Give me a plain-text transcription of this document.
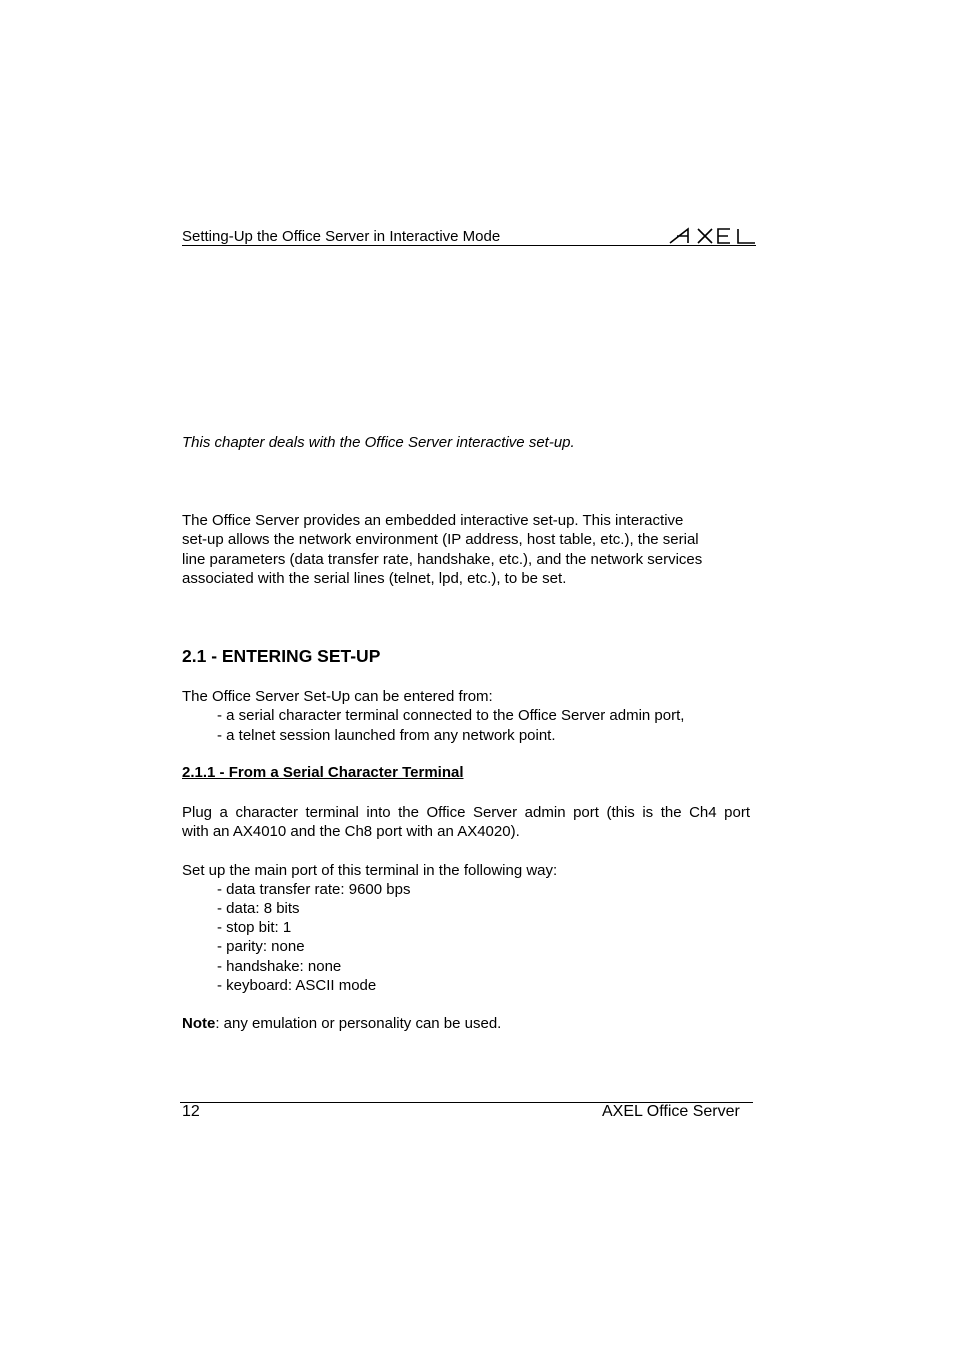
Setting-Up the Office Server in Interactive Mode
This chapter deals with the Office Server interactive set-up.
The Office Server provides an embedded interactive set-up. This interactive
set-up allows the network environment (IP address, host table, etc.), the serial
line parameters (data transfer rate, handshake, etc.), and the network services
associated with the serial lines (telnet, lpd, etc.), to be set.
2.1 - ENTERING SET-UP
The Office Server Set-Up can be entered from:
- a serial character terminal connected to the Office Server admin port,
- a telnet session launched from any network point.
2.1.1 - From a Serial Character Terminal
Plug a character terminal into the Office Server admin port (this is the Ch4 port
with an AX4010 and the Ch8 port with an AX4020).
Set up the main port of this terminal in the following way:
- data transfer rate: 9600 bps
- data: 8 bits
- stop bit: 1
- parity: none
- handshake: none
- keyboard: ASCII mode
Note: any emulation or personality can be used.
12	AXEL Office Server
